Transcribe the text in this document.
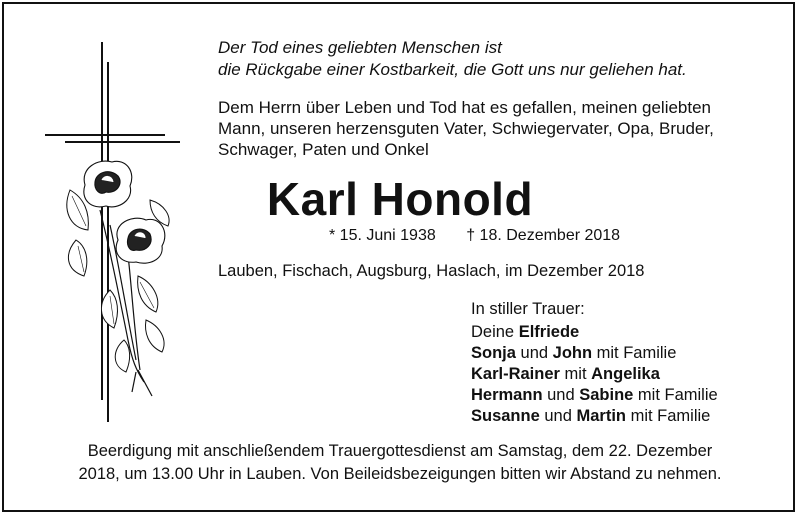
Der Tod eines geliebten Menschen ist
die Rückgabe einer Kostbarkeit, die Gott uns nur geliehen hat.
Dem Herrn über Leben und Tod hat es gefallen, meinen geliebten
Mann, unseren herzensguten Vater, Schwiegervater, Opa, Bruder,
Schwager, Paten und Onkel
Karl Honold
* 15. Juni 1938 † 18. Dezember 2018
Lauben, Fischach, Augsburg, Haslach, im Dezember 2018
In stiller Trauer:
Deine Elfriede
Sonja und John mit Familie
Karl-Rainer mit Angelika
Hermann und Sabine mit Familie
Susanne und Martin mit Familie
Beerdigung mit anschließendem Trauergottesdienst am Samstag, dem 22. Dezember
2018, um 13.00 Uhr in Lauben. Von Beileidsbezeigungen bitten wir Abstand zu nehmen.
